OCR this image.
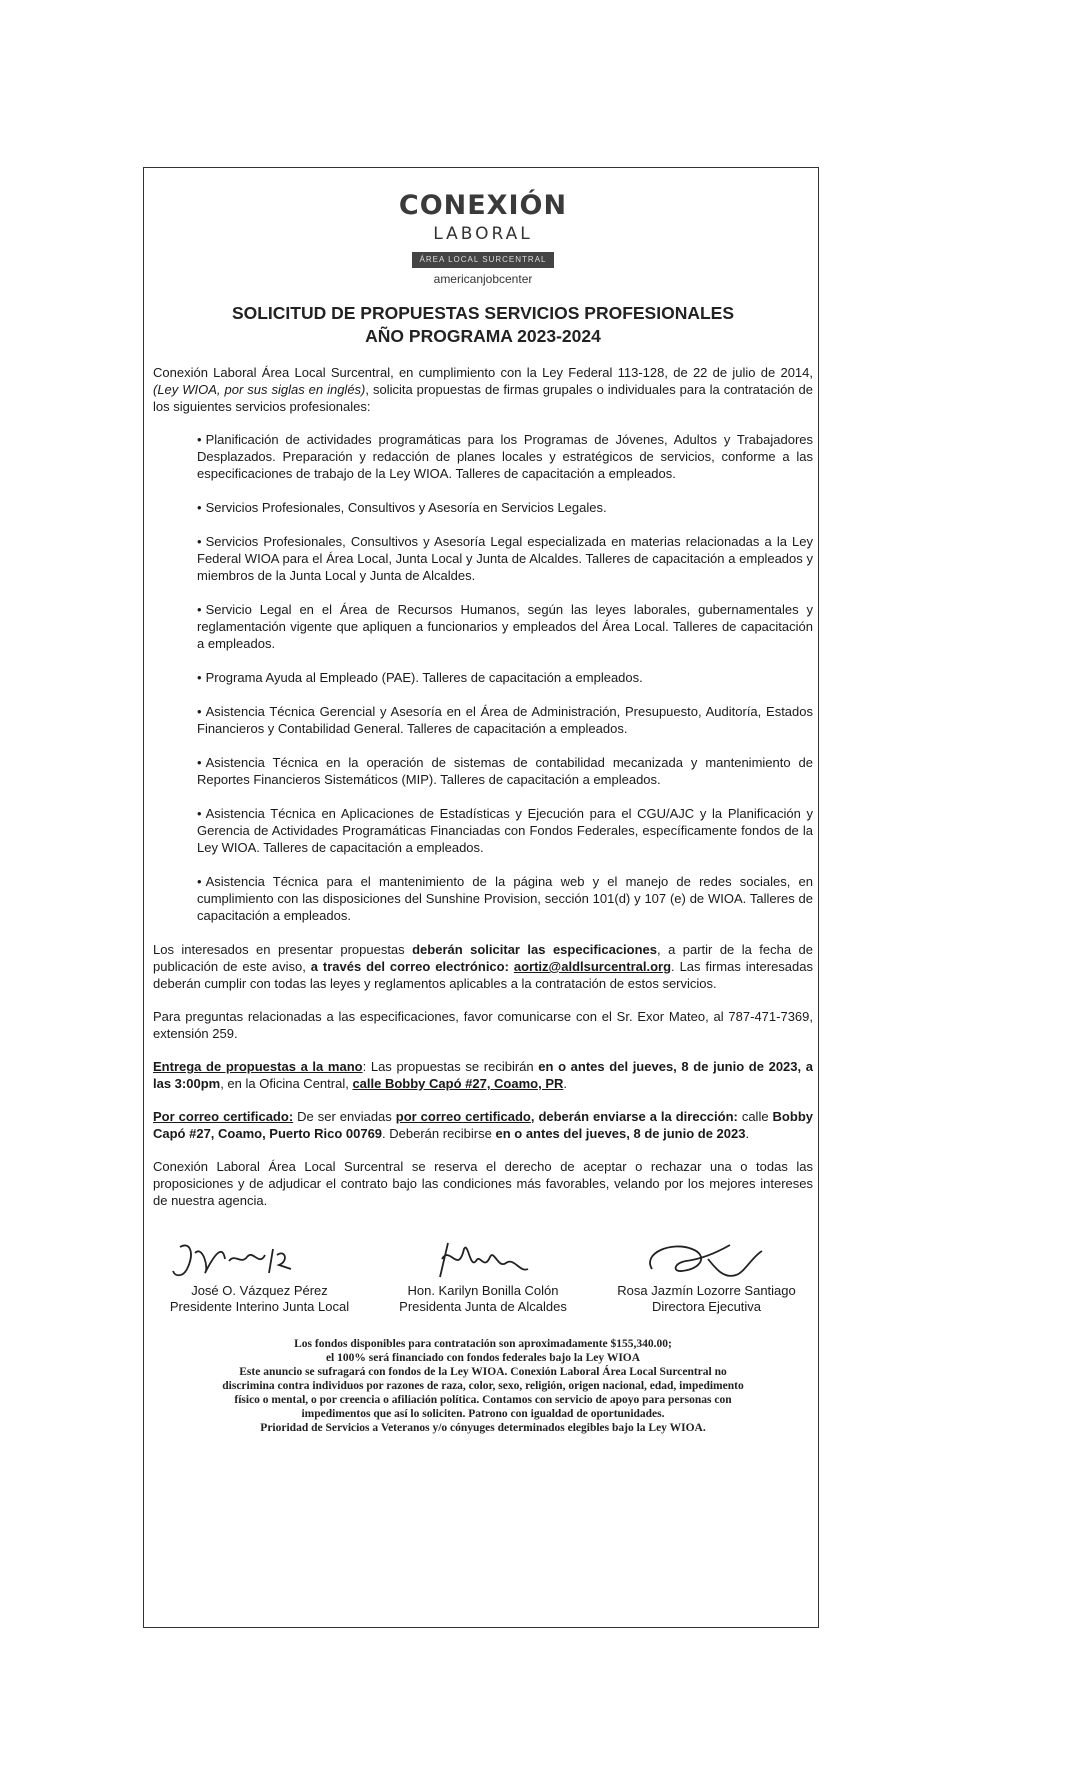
CONEXIÓN
LABORAL
ÁREA LOCAL SURCENTRAL
americanjobcenter
SOLICITUD DE PROPUESTAS SERVICIOS PROFESIONALES
AÑO PROGRAMA 2023-2024
Conexión Laboral Área Local Surcentral, en cumplimiento con la Ley Federal 113-128, de 22 de julio de 2014, (Ley WIOA, por sus siglas en inglés), solicita propuestas de firmas grupales o individuales para la contratación de los siguientes servicios profesionales:
• Planificación de actividades programáticas para los Programas de Jóvenes, Adultos y Trabajadores Desplazados. Preparación y redacción de planes locales y estratégicos de servicios, conforme a las especificaciones de trabajo de la Ley WIOA. Talleres de capacitación a empleados.
• Servicios Profesionales, Consultivos y Asesoría en Servicios Legales.
• Servicios Profesionales, Consultivos y Asesoría Legal especializada en materias relacionadas a la Ley Federal WIOA para el Área Local, Junta Local y Junta de Alcaldes. Talleres de capacitación a empleados y miembros de la Junta Local y Junta de Alcaldes.
• Servicio Legal en el Área de Recursos Humanos, según las leyes laborales, gubernamentales y reglamentación vigente que apliquen a funcionarios y empleados del Área Local. Talleres de capacitación a empleados.
• Programa Ayuda al Empleado (PAE). Talleres de capacitación a empleados.
• Asistencia Técnica Gerencial y Asesoría en el Área de Administración, Presupuesto, Auditoría, Estados Financieros y Contabilidad General. Talleres de capacitación a empleados.
• Asistencia Técnica en la operación de sistemas de contabilidad mecanizada y mantenimiento de Reportes Financieros Sistemáticos (MIP). Talleres de capacitación a empleados.
• Asistencia Técnica en Aplicaciones de Estadísticas y Ejecución para el CGU/AJC y la Planificación y Gerencia de Actividades Programáticas Financiadas con Fondos Federales, específicamente fondos de la Ley WIOA. Talleres de capacitación a empleados.
• Asistencia Técnica para el mantenimiento de la página web y el manejo de redes sociales, en cumplimiento con las disposiciones del Sunshine Provision, sección 101(d) y 107 (e) de WIOA. Talleres de capacitación a empleados.
Los interesados en presentar propuestas deberán solicitar las especificaciones, a partir de la fecha de publicación de este aviso, a través del correo electrónico: aortiz@aldlsurcentral.org. Las firmas interesadas deberán cumplir con todas las leyes y reglamentos aplicables a la contratación de estos servicios.
Para preguntas relacionadas a las especificaciones, favor comunicarse con el Sr. Exor Mateo, al 787-471-7369, extensión 259.
Entrega de propuestas a la mano: Las propuestas se recibirán en o antes del jueves, 8 de junio de 2023, a las 3:00pm, en la Oficina Central, calle Bobby Capó #27, Coamo, PR.
Por correo certificado: De ser enviadas por correo certificado, deberán enviarse a la dirección: calle Bobby Capó #27, Coamo, Puerto Rico 00769. Deberán recibirse en o antes del jueves, 8 de junio de 2023.
Conexión Laboral Área Local Surcentral se reserva el derecho de aceptar o rechazar una o todas las proposiciones y de adjudicar el contrato bajo las condiciones más favorables, velando por los mejores intereses de nuestra agencia.
José O. Vázquez Pérez
Presidente Interino Junta Local
Hon. Karilyn Bonilla Colón
Presidenta Junta de Alcaldes
Rosa Jazmín Lozorre Santiago
Directora Ejecutiva
Los fondos disponibles para contratación son aproximadamente $155,340.00;
el 100% será financiado con fondos federales bajo la Ley WIOA
Este anuncio se sufragará con fondos de la Ley WIOA. Conexión Laboral Área Local Surcentral no
discrimina contra individuos por razones de raza, color, sexo, religión, origen nacional, edad, impedimento
físico o mental, o por creencia o afiliación política. Contamos con servicio de apoyo para personas con
impedimentos que así lo soliciten. Patrono con igualdad de oportunidades.
Prioridad de Servicios a Veteranos y/o cónyuges determinados elegibles bajo la Ley WIOA.
